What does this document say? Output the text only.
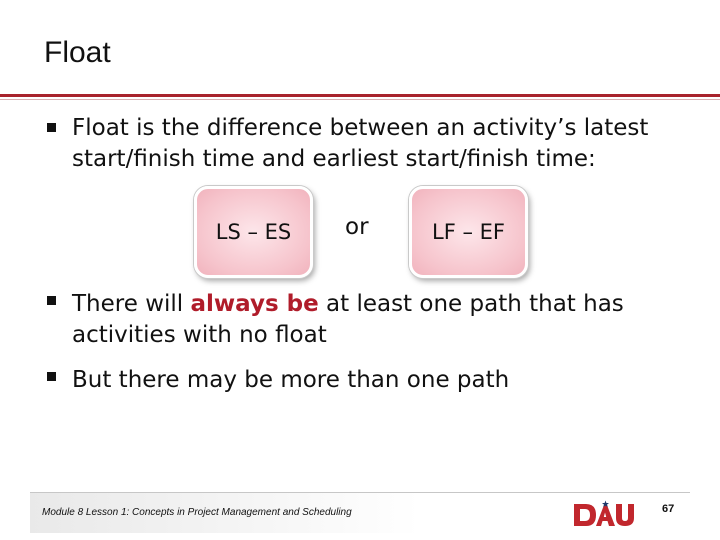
Float
Float is the difference between an activity’s latest
start/finish time and earliest start/finish time:
LS – ES or	LF – EF
There will always be at least one path that has
activities with no float
But there may be more than one path
Module 8 Lesson 1: Concepts in Project Management and Scheduling	67
